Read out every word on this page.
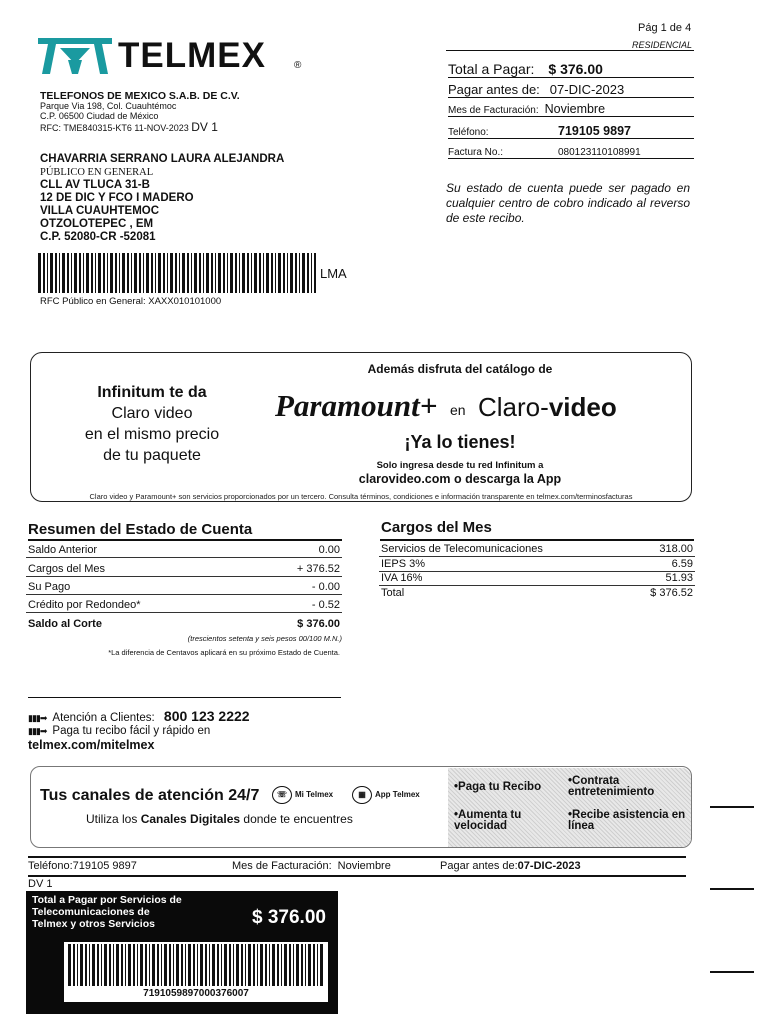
TELMEX	®
Pág 1 de 4
RESIDENCIAL
Total a Pagar: $ 376.00
Pagar antes de: 07-DIC-2023
Mes de Facturación: Noviembre
Teléfono:	719105 9897
Factura No.:	080123110108991
Su estado de cuenta puede ser pagado en cualquier centro de cobro indicado al reverso de este recibo.
TELEFONOS DE MEXICO S.A.B. DE C.V.
Parque Via 198, Col. Cuauhtémoc
C.P. 06500 Ciudad de México
RFC: TME840315-KT6 11-NOV-2023 DV 1
CHAVARRIA SERRANO LAURA ALEJANDRA
PÚBLICO EN GENERAL
CLL AV TLUCA 31-B
12 DE DIC Y FCO I MADERO
VILLA CUAUHTEMOC
OTZOLOTEPEC , EM
C.P. 52080-CR -52081
LMA
RFC Público en General: XAXX010101000
Infinitum te da
Claro video
en el mismo precio
de tu paquete
Además disfruta del catálogo de
Paramount+ en Claro-video
¡Ya lo tienes!
Solo ingresa desde tu red Infinitum a
clarovideo.com o descarga la App
Claro video y Paramount+ son servicios proporcionados por un tercero. Consulta términos, condiciones e información transparente en telmex.com/terminosfacturas
Resumen del Estado de Cuenta
Saldo Anterior	0.00
Cargos del Mes	+ 376.52
Su Pago	- 0.00
Crédito por Redondeo*	- 0.52
Saldo al Corte	$ 376.00
(trescientos setenta y seis pesos 00/100 M.N.)
*La diferencia de Centavos aplicará en su próximo Estado de Cuenta.
Cargos del Mes
Servicios de Telecomunicaciones	318.00
IEPS 3%	6.59
IVA 16%	51.93
Total	$ 376.52
▮▮▮➡ Atención a Clientes: 800 123 2222
▮▮▮➡ Paga tu recibo fácil y rápido en
telmex.com/mitelmex
Tus canales de atención 24/7	☏ Mi Telmex	▦ App Telmex
Utiliza los Canales Digitales donde te encuentres
•Paga tu Recibo •Contrata entretenimiento
•Aumenta tu velocidad
•Recibe asistencia en línea
Teléfono:719105 9897	Mes de Facturación: Noviembre	Pagar antes de:07-DIC-2023
DV 1
Total a Pagar por Servicios de
Telecomunicaciones de
Telmex y otros Servicios	$ 376.00
7191059897000376007
